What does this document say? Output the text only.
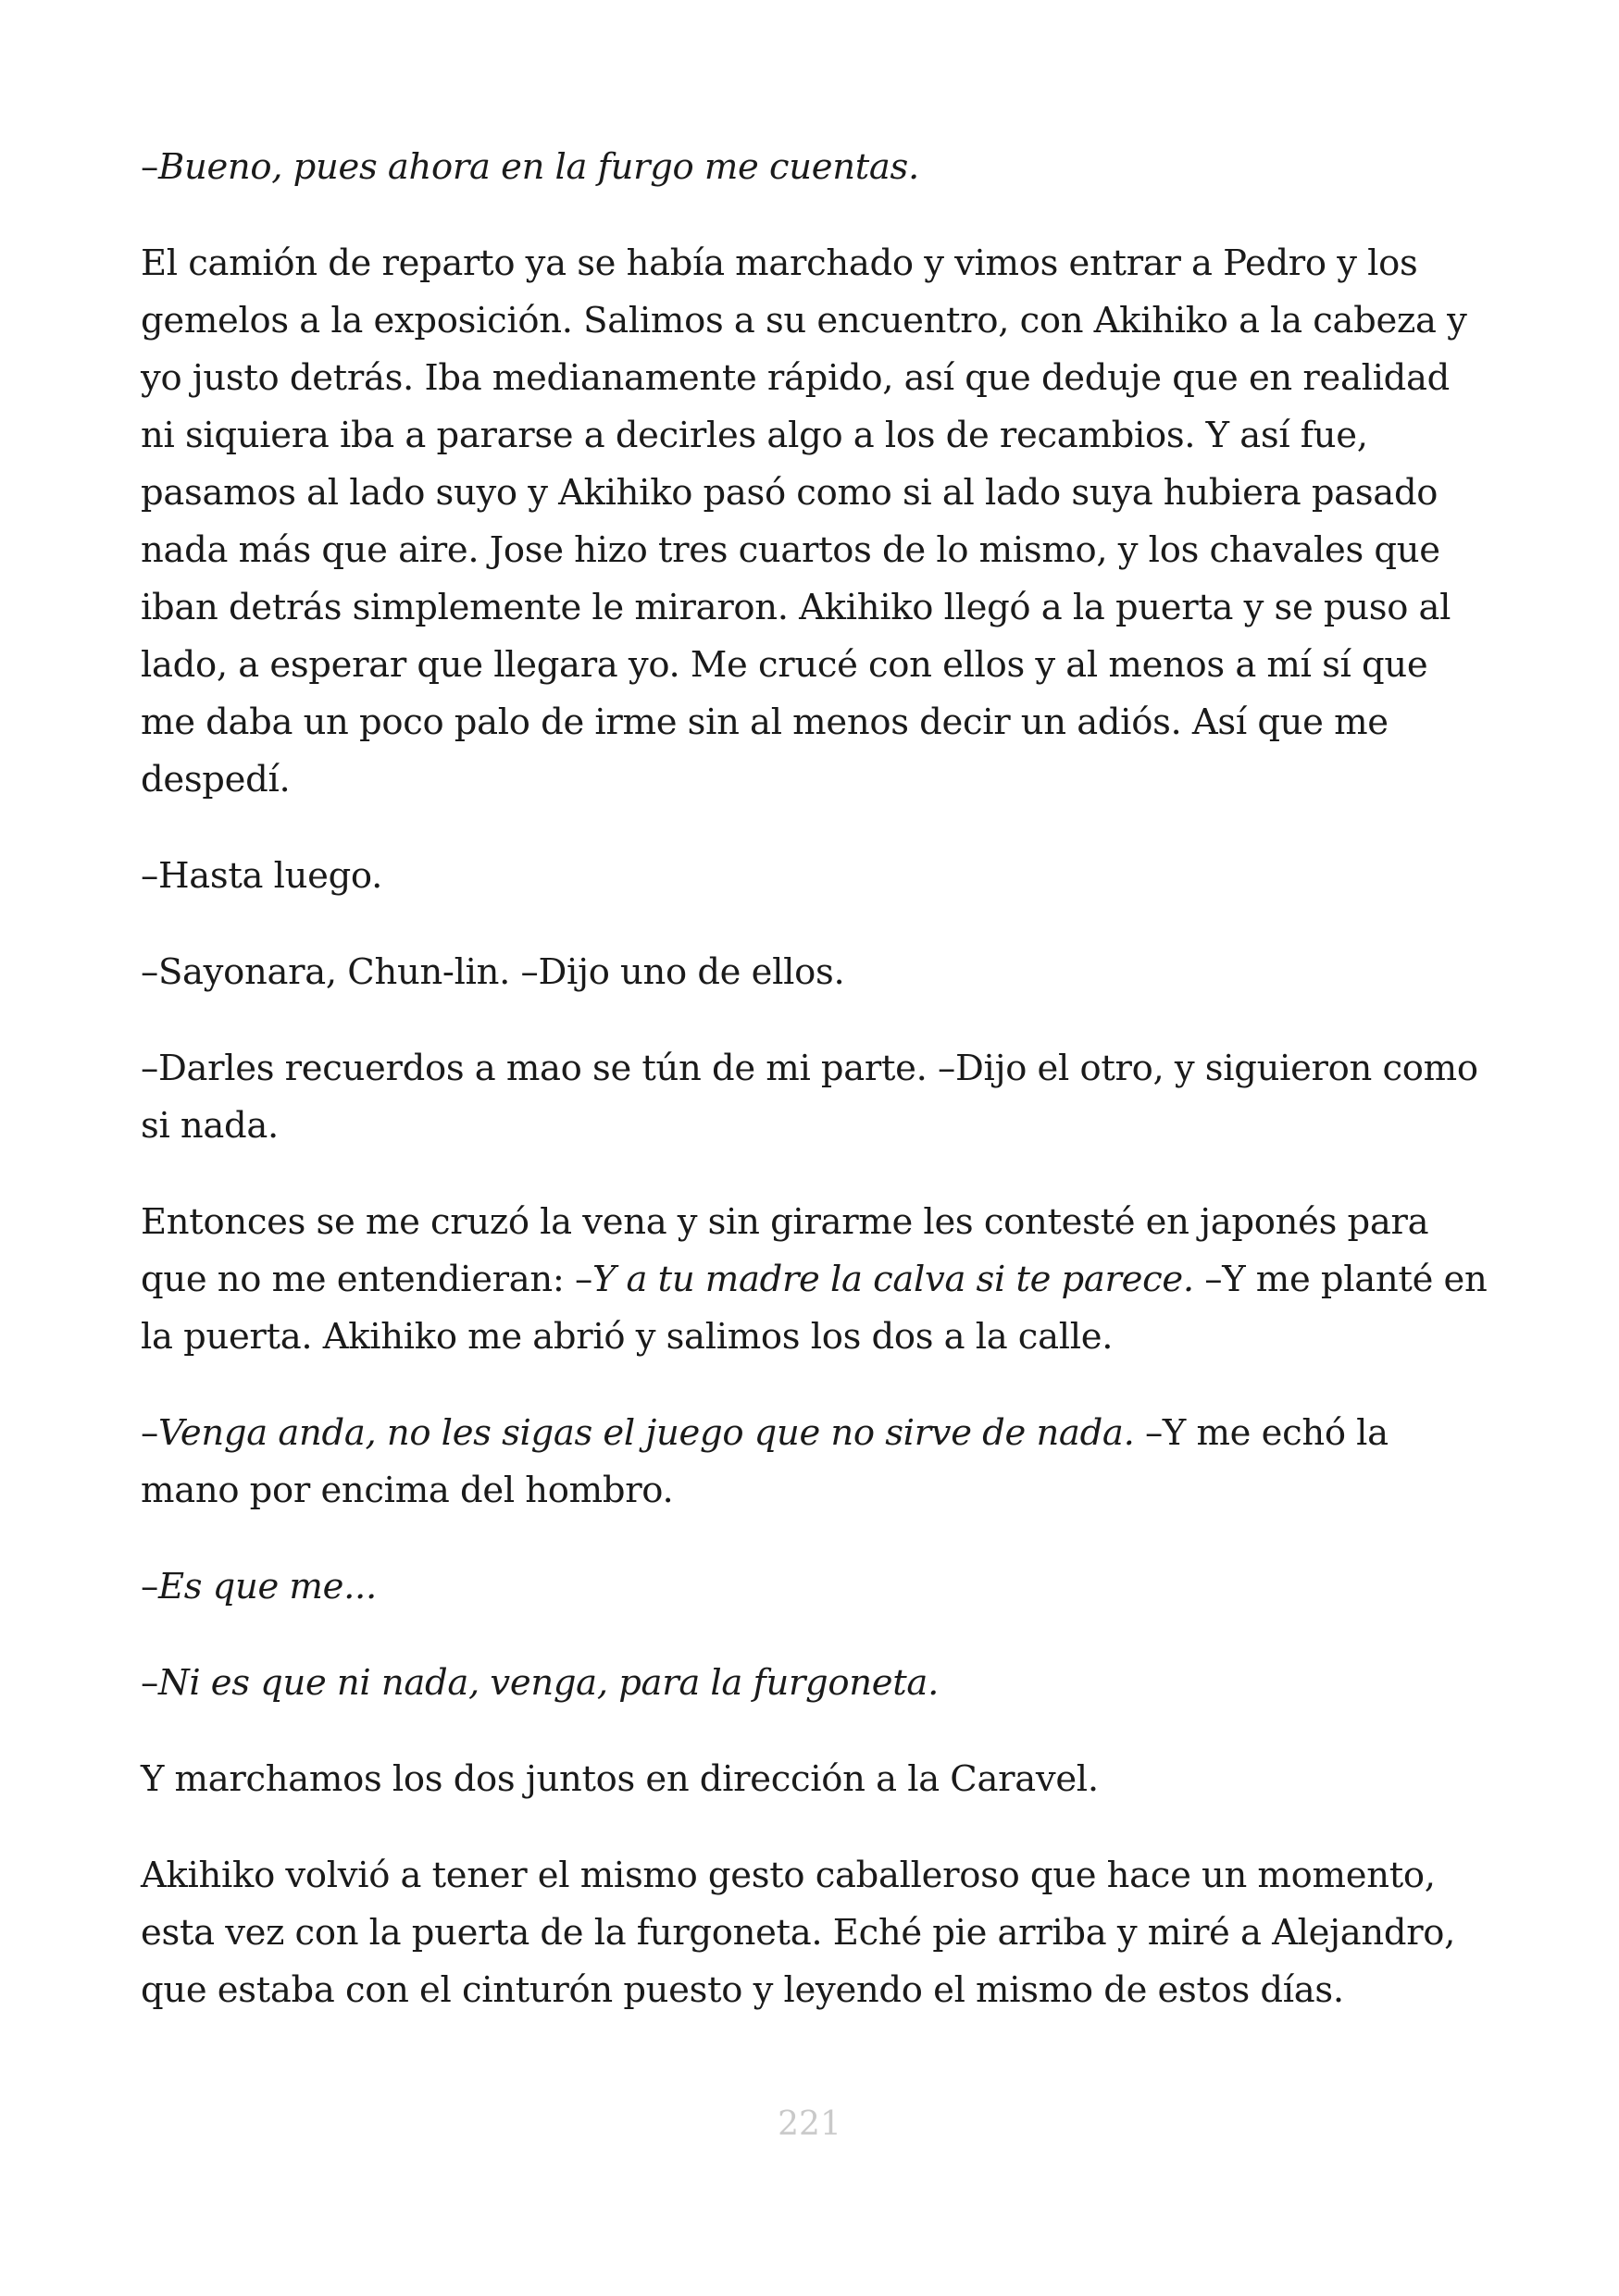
–Bueno, pues ahora en la furgo me cuentas.

El camión de reparto ya se había marchado y vimos entrar a Pedro y los gemelos a la exposición. Salimos a su encuentro, con Akihiko a la cabeza y yo justo detrás. Iba medianamente rápido, así que deduje que en realidad ni siquiera iba a pararse a decirles algo a los de recambios. Y así fue, pasamos al lado suyo y Akihiko pasó como si al lado suya hubiera pasado nada más que aire. Jose hizo tres cuartos de lo mismo, y los chavales que iban detrás simplemente le miraron. Akihiko llegó a la puerta y se puso al lado, a esperar que llegara yo. Me crucé con ellos y al menos a mí sí que me daba un poco palo de irme sin al menos decir un adiós. Así que me despedí.

–Hasta luego.

–Sayonara, Chun-lin. –Dijo uno de ellos.

–Darles recuerdos a mao se tún de mi parte. –Dijo el otro, y siguieron como si nada.

Entonces se me cruzó la vena y sin girarme les contesté en japonés para que no me entendieran: –Y a tu madre la calva si te parece. –Y me planté en la puerta. Akihiko me abrió y salimos los dos a la calle.

–Venga anda, no les sigas el juego que no sirve de nada. –Y me echó la mano por encima del hombro.

–Es que me...

–Ni es que ni nada, venga, para la furgoneta.

Y marchamos los dos juntos en dirección a la Caravel.

Akihiko volvió a tener el mismo gesto caballeroso que hace un momento, esta vez con la puerta de la furgoneta. Eché pie arriba y miré a Alejandro, que estaba con el cinturón puesto y leyendo el mismo de estos días.

221
